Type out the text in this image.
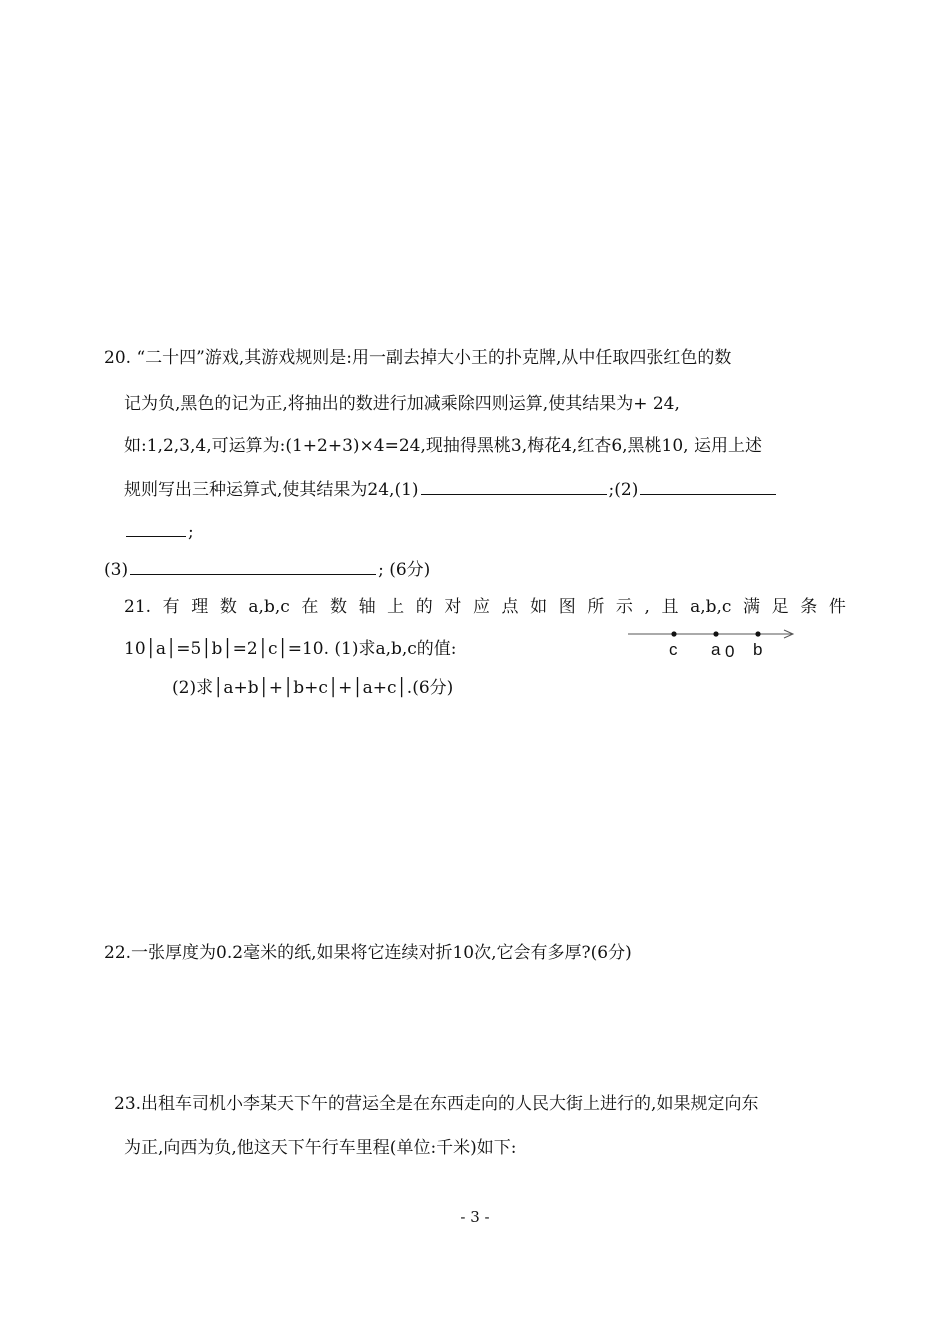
20. “二十四”游戏,其游戏规则是:用一副去掉大小王的扑克牌,从中任取四张红色的数
记为负,黑色的记为正,将抽出的数进行加减乘除四则运算,使其结果为+ 24,
如:1,2,3,4,可运算为:(1+2+3)×4=24,现抽得黑桃3,梅花4,红杏6,黑桃10, 运用上述
规则写出三种运算式,使其结果为24,(1)	;(2)
;
(3)	; (6分)
21. 有 理 数 a,b,c 在 数 轴 上 的 对 应 点 如 图 所 示 , 且 a,b,c 满 足 条 件
10│a│=5│b│=2│c│=10. (1)求a,b,c的值:
(2)求│a+b│+│b+c│+│a+c│.(6分)
c a 0 b
22.一张厚度为0.2毫米的纸,如果将它连续对折10次,它会有多厚?(6分)
23.出租车司机小李某天下午的营运全是在东西走向的人民大街上进行的,如果规定向东
为正,向西为负,他这天下午行车里程(单位:千米)如下:
- 3 -
